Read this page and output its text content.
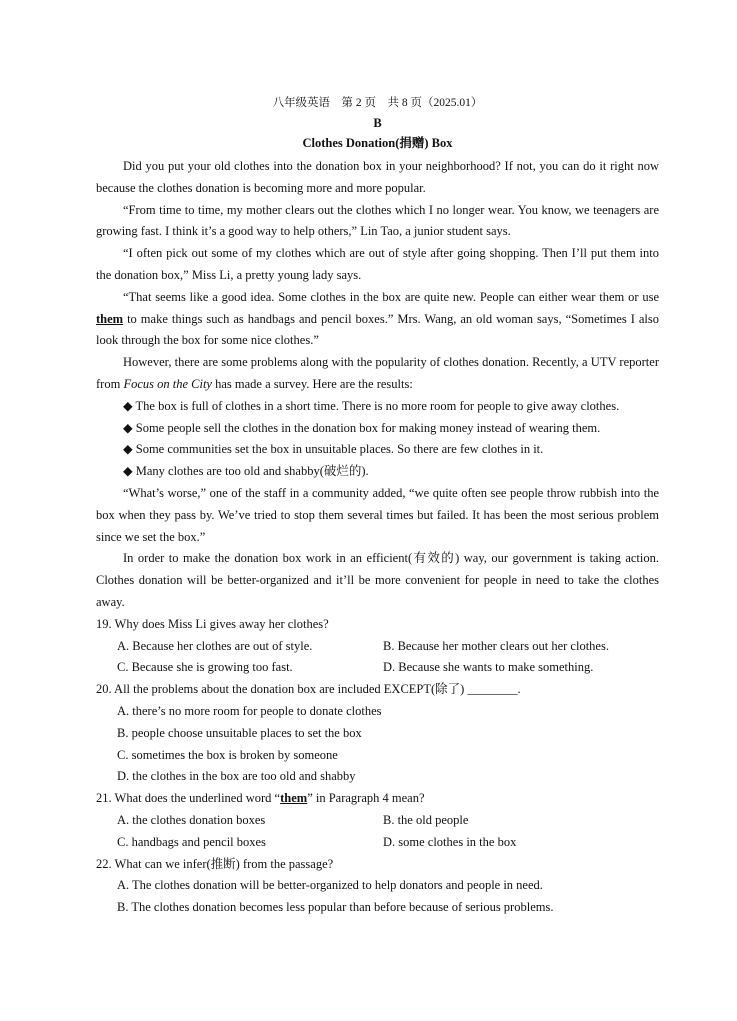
八年级英语　第 2 页　共 8 页（2025.01）
B
Clothes Donation(捐赠) Box

Did you put your old clothes into the donation box in your neighborhood? If not, you can do it right now because the clothes donation is becoming more and more popular.

“From time to time, my mother clears out the clothes which I no longer wear. You know, we teenagers are growing fast. I think it’s a good way to help others,” Lin Tao, a junior student says.

“I often pick out some of my clothes which are out of style after going shopping. Then I’ll put them into the donation box,” Miss Li, a pretty young lady says.

“That seems like a good idea. Some clothes in the box are quite new. People can either wear them or use them to make things such as handbags and pencil boxes.” Mrs. Wang, an old woman says, “Sometimes I also look through the box for some nice clothes.”

However, there are some problems along with the popularity of clothes donation. Recently, a UTV reporter from Focus on the City has made a survey. Here are the results:

◆ The box is full of clothes in a short time. There is no more room for people to give away clothes.

◆ Some people sell the clothes in the donation box for making money instead of wearing them.

◆ Some communities set the box in unsuitable places. So there are few clothes in it.

◆ Many clothes are too old and shabby(破烂的).

“What’s worse,” one of the staff in a community added, “we quite often see people throw rubbish into the box when they pass by. We’ve tried to stop them several times but failed. It has been the most serious problem since we set the box.”

In order to make the donation box work in an efficient(有效的) way, our government is taking action. Clothes donation will be better-organized and it’ll be more convenient for people in need to take the clothes away.

19. Why does Miss Li gives away her clothes?
A. Because her clothes are out of style.	B. Because her mother clears out her clothes.
C. Because she is growing too fast.	D. Because she wants to make something.
20. All the problems about the donation box are included EXCEPT(除了) ________.
A. there’s no more room for people to donate clothes
B. people choose unsuitable places to set the box
C. sometimes the box is broken by someone
D. the clothes in the box are too old and shabby
21. What does the underlined word “them” in Paragraph 4 mean?
A. the clothes donation boxes	B. the old people
C. handbags and pencil boxes	D. some clothes in the box
22. What can we infer(推断) from the passage?
A. The clothes donation will be better-organized to help donators and people in need.
B. The clothes donation becomes less popular than before because of serious problems.
